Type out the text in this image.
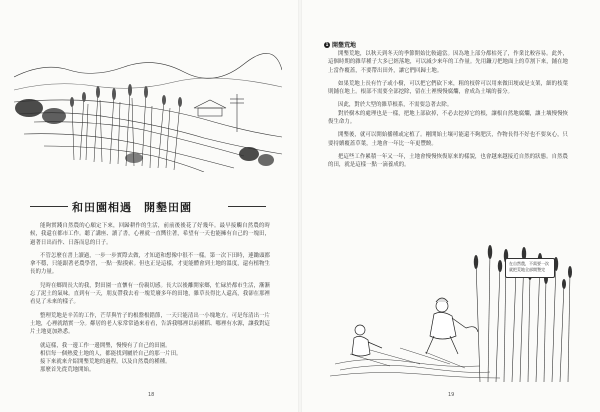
和田園相遇　開墾田園

能夠實踐自然農的心願定下來，回歸耕作的生活，前前後後花了好幾年。最早接觸自然農的時候，我還在都市工作。聽了講座、讀了書，心裡就一直嚮往著，希望有一天也能擁有自己的一塊田，過著日出而作、日落而息的日子。

不管怎麼在書上讀過，一步一步實際去做，才知道和想像中很不一樣。第一次下田時，連鋤頭都拿不穩，只能跟著老農學習，一點一點摸索。但也正是這樣，才更能體會到土地的溫度，還有植物生長的力量。

兒時在鄉間長大的我，對田園一直懷有一份親切感。長大以後離開家鄉，忙碌於都市生活，漸漸忘了泥土的氣味。直到有一天，朋友帶我去看一塊荒廢多年的田地，雜草長得比人還高，我卻在那裡看見了未來的樣子。

整理荒地是辛苦的工作，芒草與竹子的根盤根錯節，一天只能清出一小塊地方。可是每清出一片土地，心裡就踏實一分。鄰居的老人家常常過來看看，告訴我哪裡以前種稻、哪裡有水源，讓我對這片土地更加熟悉。

就這樣，我一邊工作一邊開墾，慢慢有了自己的田園。

相信每一個熱愛土地的人，都能找到屬於自己的那一片田。

接下來就來介紹開墾荒地的過程，以及自然農的種種。

那麼首先從荒地開始。

18
1 開墾荒地

開墾荒地，以秋天到冬天的季節開始比較適當。因為地上部分都枯死了，作業比較容易。此外，這個時期的雜草種子大多已經落地，可以減少來年的工作量。先用鐮刀把地面上的草割下來，鋪在地上當作覆蓋，不要帶出田外，讓它們回歸土地。

如果荒地上長有竹子或小樹，可以把它們砍下來，粗的枝幹可以用來做田埂或是支架，細的枝葉則鋪在地上。根部不需要全部挖除，留在土裡慢慢腐爛，會成為土壤的養分。

因此，對於大型的雜草根系，不需要急著去除。

對於樹木的處理也是一樣，把地上部砍掉，不必去挖掉它的根，讓根自然地腐爛，讓土壤慢慢恢復生命力。

開墾後，就可以開始播種或定植了。剛開始土壤可能還不夠肥沃，作物長得不好也不要灰心，只要持續覆蓋草葉，土地會一年比一年更豐饒。

把這些工作累積一年又一年，土地會慢慢恢復原來的樣貌，也會越來越接近自然的狀態。自然農的田，就是這樣一點一滴養成的。

在自然農，不需要一次就把荒地全部開墾完
19
